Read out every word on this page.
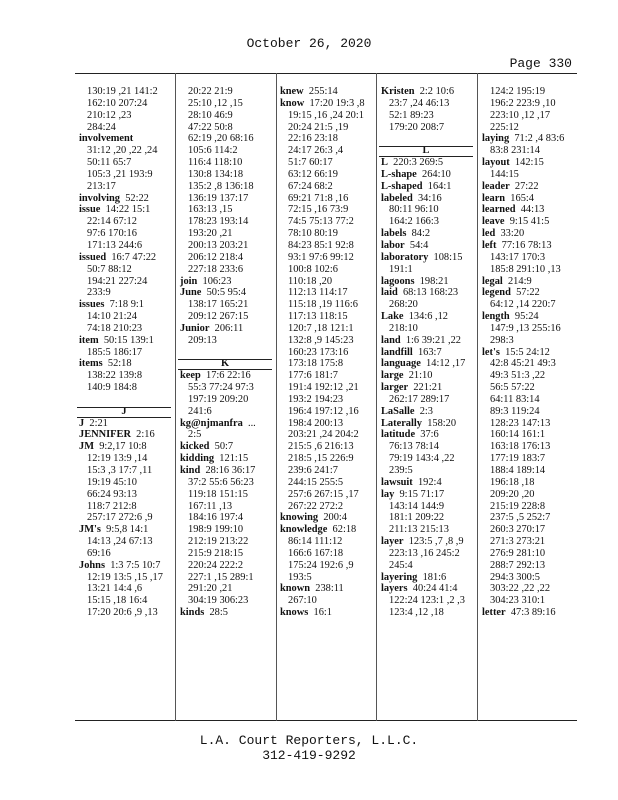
October 26, 2020
Page 330
130:19 ,21 141:2
162:10 207:24
210:12 ,23
284:24
involvement
31:12 ,20 ,22 ,24
50:11 65:7
105:3 ,21 193:9
213:17
involving 52:22
issue 14:22 15:1
22:14 67:12
97:6 170:16
171:13 244:6
issued 16:7 47:22
50:7 88:12
194:21 227:24
233:9
issues 7:18 9:1
14:10 21:24
74:18 210:23
item 50:15 139:1
185:5 186:17
items 52:18
138:22 139:8
140:9 184:8
J
J 2:21
JENNIFER 2:16
JM 9:2,17 10:8
12:19 13:9 ,14
15:3 ,3 17:7 ,11
19:19 45:10
66:24 93:13
118:7 212:8
257:17 272:6 ,9
JM's 9:5,8 14:1
14:13 ,24 67:13
69:16
Johns 1:3 7:5 10:7
12:19 13:5 ,15 ,17
13:21 14:4 ,6
15:15 ,18 16:4
17:20 20:6 ,9 ,13
20:22 21:9
25:10 ,12 ,15
28:10 46:9
47:22 50:8
62:19 ,20 68:16
105:6 114:2
116:4 118:10
130:8 134:18
135:2 ,8 136:18
136:19 137:17
163:13 ,15
178:23 193:14
193:20 ,21
200:13 203:21
206:12 218:4
227:18 233:6
join 106:23
June 50:5 95:4
138:17 165:21
209:12 267:15
Junior 206:11
209:13
K
keep 17:6 22:16
55:3 77:24 97:3
197:19 209:20
241:6
kg@njmanfra ...
2:5
kicked 50:7
kidding 121:15
kind 28:16 36:17
37:2 55:6 56:23
119:18 151:15
167:11 ,13
184:16 197:4
198:9 199:10
212:19 213:22
215:9 218:15
220:24 222:2
227:1 ,15 289:1
291:20 ,21
304:19 306:23
kinds 28:5
knew 255:14
know 17:20 19:3 ,8
19:15 ,16 ,24 20:1
20:24 21:5 ,19
22:16 23:18
24:17 26:3 ,4
51:7 60:17
63:12 66:19
67:24 68:2
69:21 71:8 ,16
72:15 ,16 73:9
74:5 75:13 77:2
78:10 80:19
84:23 85:1 92:8
93:1 97:6 99:12
100:8 102:6
110:18 ,20
112:13 114:17
115:18 ,19 116:6
117:13 118:15
120:7 ,18 121:1
132:8 ,9 145:23
160:23 173:16
173:18 175:8
177:6 181:7
191:4 192:12 ,21
193:2 194:23
196:4 197:12 ,16
198:4 200:13
203:21 ,24 204:2
215:5 ,6 216:13
218:5 ,15 226:9
239:6 241:7
244:15 255:5
257:6 267:15 ,17
267:22 272:2
knowing 200:4
knowledge 62:18
86:14 111:12
166:6 167:18
175:24 192:6 ,9
193:5
known 238:11
267:10
knows 16:1
Kristen 2:2 10:6
23:7 ,24 46:13
52:1 89:23
179:20 208:7
L
L 220:3 269:5
L-shape 264:10
L-shaped 164:1
labeled 34:16
80:11 96:10
164:2 166:3
labels 84:2
labor 54:4
laboratory 108:15
191:1
lagoons 198:21
laid 68:13 168:23
268:20
Lake 134:6 ,12
218:10
land 1:6 39:21 ,22
landfill 163:7
language 14:12 ,17
large 21:10
larger 221:21
262:17 289:17
LaSalle 2:3
Laterally 158:20
latitude 37:6
76:13 78:14
79:19 143:4 ,22
239:5
lawsuit 192:4
lay 9:15 71:17
143:14 144:9
181:1 209:22
211:13 215:13
layer 123:5 ,7 ,8 ,9
223:13 ,16 245:2
245:4
layering 181:6
layers 40:24 41:4
122:24 123:1 ,2 ,3
123:4 ,12 ,18
124:2 195:19
196:2 223:9 ,10
223:10 ,12 ,17
225:12
laying 71:2 ,4 83:6
83:8 231:14
layout 142:15
144:15
leader 27:22
learn 165:4
learned 44:13
leave 9:15 41:5
led 33:20
left 77:16 78:13
143:17 170:3
185:8 291:10 ,13
legal 214:9
legend 57:22
64:12 ,14 220:7
length 95:24
147:9 ,13 255:16
298:3
let's 15:5 24:12
42:8 45:21 49:3
49:3 51:3 ,22
56:5 57:22
64:11 83:14
89:3 119:24
128:23 147:13
160:14 161:1
163:18 176:13
177:19 183:7
188:4 189:14
196:18 ,18
209:20 ,20
215:19 228:8
237:5 ,5 252:7
260:3 270:17
271:3 273:21
276:9 281:10
288:7 292:13
294:3 300:5
303:22 ,22 ,22
304:23 310:1
letter 47:3 89:16
L.A. Court Reporters, L.L.C.
312-419-9292
